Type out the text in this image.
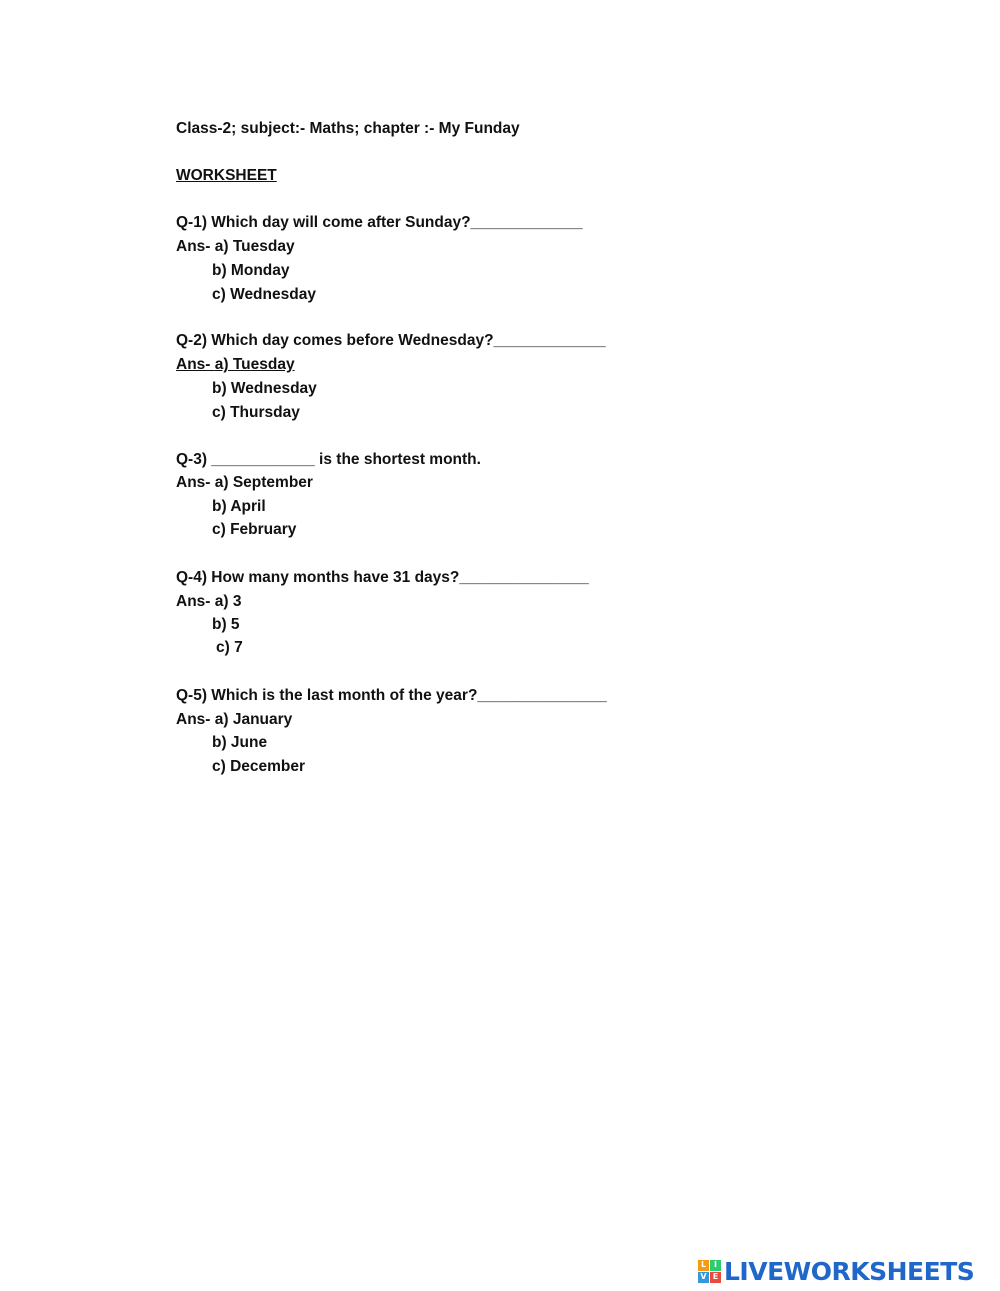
Class-2; subject:- Maths; chapter :- My Funday
WORKSHEET
Q-1) Which day will come after Sunday?_____________
Ans- a) Tuesday
b) Monday
c) Wednesday
Q-2) Which day comes before Wednesday?_____________
Ans- a) Tuesday
b) Wednesday
c) Thursday
Q-3) ____________ is the shortest month.
Ans- a) September
b) April
c) February
Q-4) How many months have 31 days?_______________
Ans- a) 3
b) 5
c) 7
Q-5) Which is the last month of the year?_______________
Ans- a) January
b) June
c) December
L I
V E LIVEWORKSHEETS
